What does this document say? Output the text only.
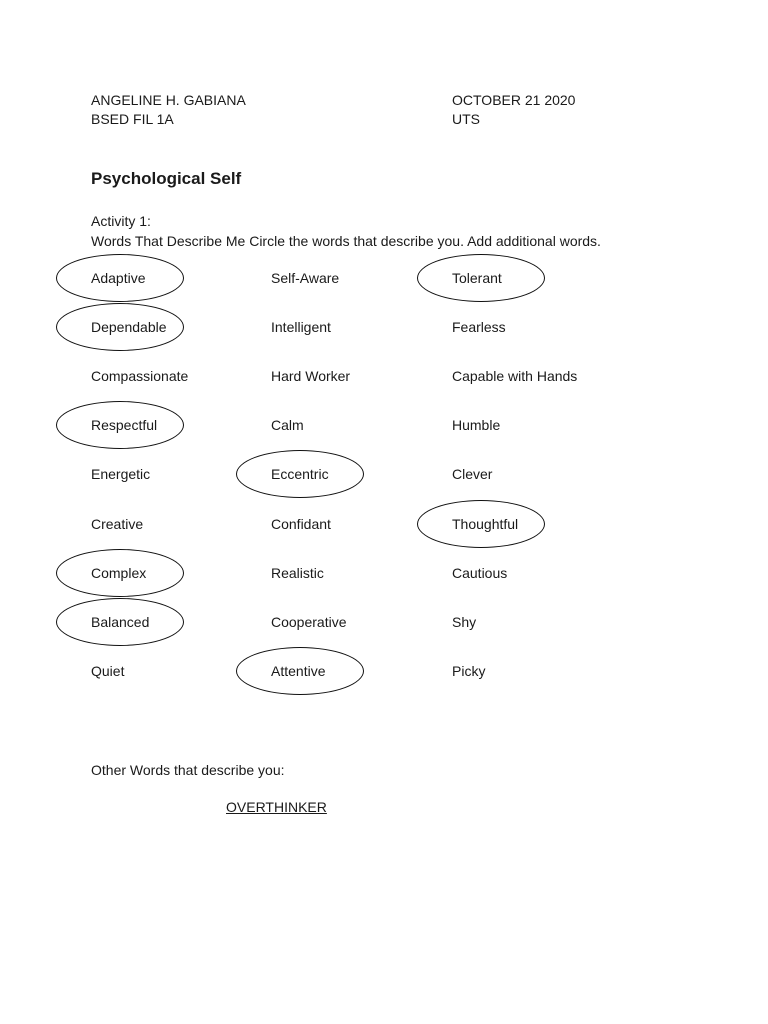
ANGELINE H. GABIANA
BSED FIL 1A
OCTOBER 21 2020
UTS
Psychological Self
Activity 1:
Words That Describe Me Circle the words that describe you. Add additional words.
Adaptive	Self-Aware	Tolerant
Dependable	Intelligent	Fearless
Compassionate	Hard Worker	Capable with Hands
Respectful	Calm	Humble
Energetic	Eccentric	Clever
Creative	Confidant	Thoughtful
Complex	Realistic	Cautious
Balanced	Cooperative	Shy
Quiet	Attentive	Picky
Other Words that describe you:
OVERTHINKER
